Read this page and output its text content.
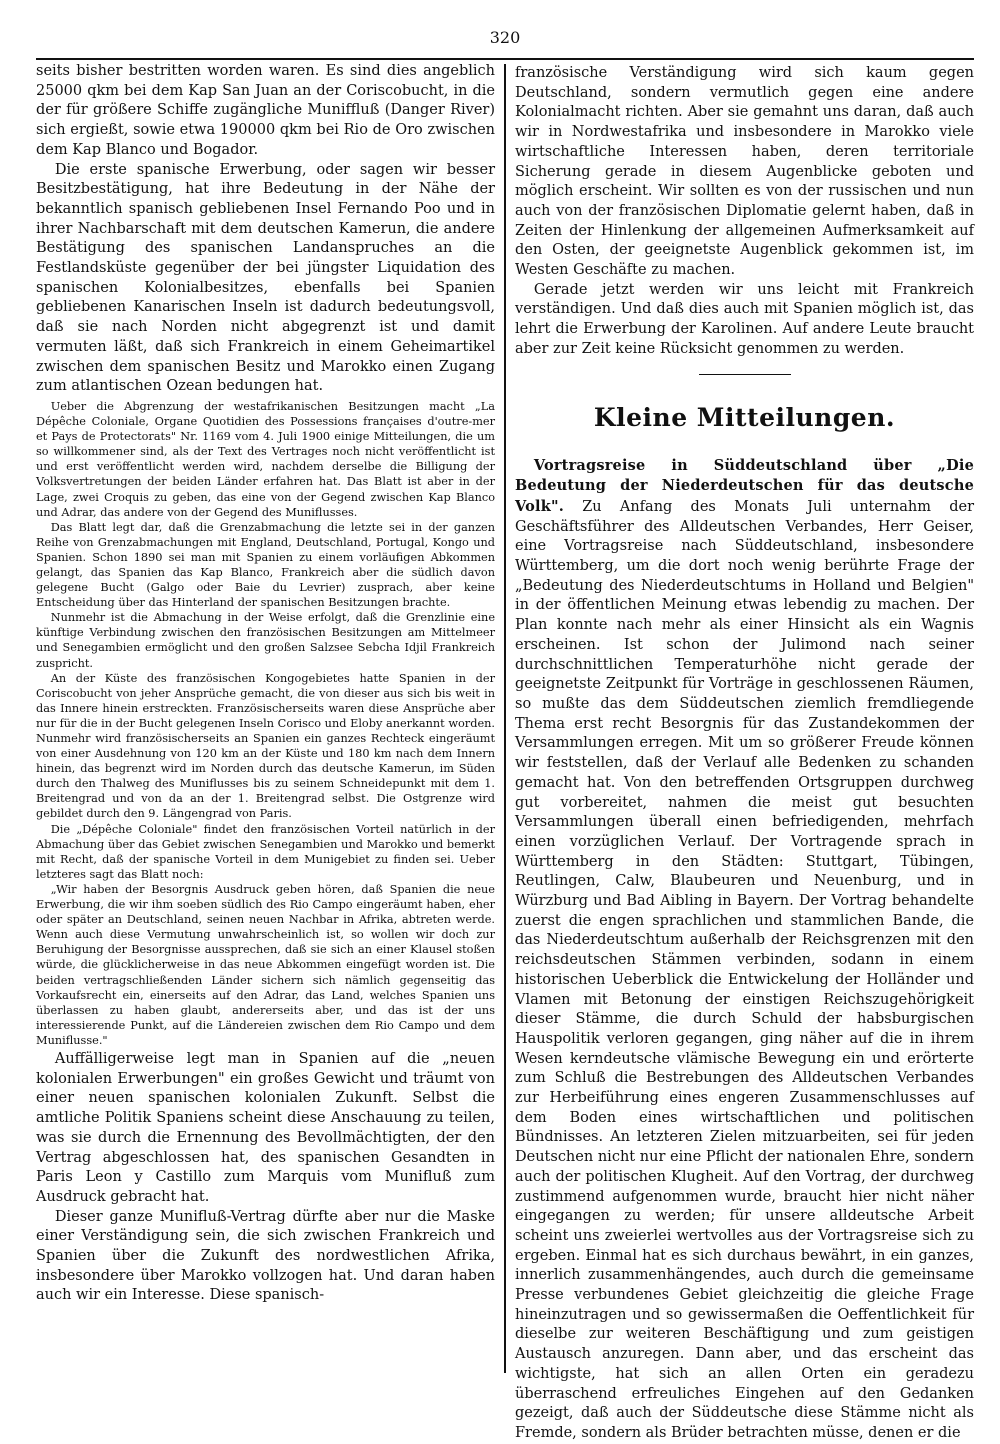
320

seits bisher bestritten worden waren. Es sind dies angeblich 25000 qkm bei dem Kap San Juan an der Coriscobucht, in die der für größere Schiffe zugängliche Muniffluß (Danger River) sich ergießt, sowie etwa 190000 qkm bei Rio de Oro zwischen dem Kap Blanco und Bogador.

Die erste spanische Erwerbung, oder sagen wir besser Besitzbestätigung, hat ihre Bedeutung in der Nähe der bekanntlich spanisch gebliebenen Insel Fernando Poo und in ihrer Nachbarschaft mit dem deutschen Kamerun, die andere Bestätigung des spanischen Landanspruches an die Festlandsküste gegenüber der bei jüngster Liquidation des spanischen Kolonialbesitzes, ebenfalls bei Spanien gebliebenen Kanarischen Inseln ist dadurch bedeutungsvoll, daß sie nach Norden nicht abgegrenzt ist und damit vermuten läßt, daß sich Frankreich in einem Geheimartikel zwischen dem spanischen Besitz und Marokko einen Zugang zum atlantischen Ozean bedungen hat.

Ueber die Abgrenzung der westafrikanischen Besitzungen macht „La Dépêche Coloniale, Organe Quotidien des Possessions françaises d'outre-mer et Pays de Protectorats" Nr. 1169 vom 4. Juli 1900 einige Mitteilungen, die um so willkommener sind, als der Text des Vertrages noch nicht veröffentlicht ist und erst veröffentlicht werden wird, nachdem derselbe die Billigung der Volksvertretungen der beiden Länder erfahren hat. Das Blatt ist aber in der Lage, zwei Croquis zu geben, das eine von der Gegend zwischen Kap Blanco und Adrar, das andere von der Gegend des Muniflusses.

Das Blatt legt dar, daß die Grenzabmachung die letzte sei in der ganzen Reihe von Grenzabmachungen mit England, Deutschland, Portugal, Kongo und Spanien. Schon 1890 sei man mit Spanien zu einem vorläufigen Abkommen gelangt, das Spanien das Kap Blanco, Frankreich aber die südlich davon gelegene Bucht (Galgo oder Baie du Levrier) zusprach, aber keine Entscheidung über das Hinterland der spanischen Besitzungen brachte.

Nunmehr ist die Abmachung in der Weise erfolgt, daß die Grenzlinie eine künftige Verbindung zwischen den französischen Besitzungen am Mittelmeer und Senegambien ermöglicht und den großen Salzsee Sebcha Idjil Frankreich zuspricht.

An der Küste des französischen Kongogebietes hatte Spanien in der Coriscobucht von jeher Ansprüche gemacht, die von dieser aus sich bis weit in das Innere hinein erstreckten. Französischerseits waren diese Ansprüche aber nur für die in der Bucht gelegenen Inseln Corisco und Eloby anerkannt worden. Nunmehr wird französischerseits an Spanien ein ganzes Rechteck eingeräumt von einer Ausdehnung von 120 km an der Küste und 180 km nach dem Innern hinein, das begrenzt wird im Norden durch das deutsche Kamerun, im Süden durch den Thalweg des Muniflusses bis zu seinem Schneidepunkt mit dem 1. Breitengrad und von da an der 1. Breitengrad selbst. Die Ostgrenze wird gebildet durch den 9. Längengrad von Paris.

Die „Dépêche Coloniale" findet den französischen Vorteil natürlich in der Abmachung über das Gebiet zwischen Senegambien und Marokko und bemerkt mit Recht, daß der spanische Vorteil in dem Munigebiet zu finden sei. Ueber letzteres sagt das Blatt noch:

„Wir haben der Besorgnis Ausdruck geben hören, daß Spanien die neue Erwerbung, die wir ihm soeben südlich des Rio Campo eingeräumt haben, eher oder später an Deutschland, seinen neuen Nachbar in Afrika, abtreten werde. Wenn auch diese Vermutung unwahrscheinlich ist, so wollen wir doch zur Beruhigung der Besorgnisse aussprechen, daß sie sich an einer Klausel stoßen würde, die glücklicherweise in das neue Abkommen eingefügt worden ist. Die beiden vertragschließenden Länder sichern sich nämlich gegenseitig das Vorkaufsrecht ein, einerseits auf den Adrar, das Land, welches Spanien uns überlassen zu haben glaubt, andererseits aber, und das ist der uns interessierende Punkt, auf die Ländereien zwischen dem Rio Campo und dem Muniflusse."

Auffälligerweise legt man in Spanien auf die „neuen kolonialen Erwerbungen" ein großes Gewicht und träumt von einer neuen spanischen kolonialen Zukunft. Selbst die amtliche Politik Spaniens scheint diese Anschauung zu teilen, was sie durch die Ernennung des Bevollmächtigten, der den Vertrag abgeschlossen hat, des spanischen Gesandten in Paris Leon y Castillo zum Marquis vom Munifluß zum Ausdruck gebracht hat.

Dieser ganze Munifluß-Vertrag dürfte aber nur die Maske einer Verständigung sein, die sich zwischen Frankreich und Spanien über die Zukunft des nordwestlichen Afrika, insbesondere über Marokko vollzogen hat. Und daran haben auch wir ein Interesse. Diese spanisch-

französische Verständigung wird sich kaum gegen Deutschland, sondern vermutlich gegen eine andere Kolonialmacht richten. Aber sie gemahnt uns daran, daß auch wir in Nordwestafrika und insbesondere in Marokko viele wirtschaftliche Interessen haben, deren territoriale Sicherung gerade in diesem Augenblicke geboten und möglich erscheint. Wir sollten es von der russischen und nun auch von der französischen Diplomatie gelernt haben, daß in Zeiten der Hinlenkung der allgemeinen Aufmerksamkeit auf den Osten, der geeignetste Augenblick gekommen ist, im Westen Geschäfte zu machen.

Gerade jetzt werden wir uns leicht mit Frankreich verständigen. Und daß dies auch mit Spanien möglich ist, das lehrt die Erwerbung der Karolinen. Auf andere Leute braucht aber zur Zeit keine Rücksicht genommen zu werden.

Kleine Mitteilungen.

Vortragsreise in Süddeutschland über „Die Bedeutung der Niederdeutschen für das deutsche Volk". Zu Anfang des Monats Juli unternahm der Geschäftsführer des Alldeutschen Verbandes, Herr Geiser, eine Vortragsreise nach Süddeutschland, insbesondere Württemberg, um die dort noch wenig berührte Frage der „Bedeutung des Niederdeutschtums in Holland und Belgien" in der öffentlichen Meinung etwas lebendig zu machen. Der Plan konnte nach mehr als einer Hinsicht als ein Wagnis erscheinen. Ist schon der Julimond nach seiner durchschnittlichen Temperaturhöhe nicht gerade der geeignetste Zeitpunkt für Vorträge in geschlossenen Räumen, so mußte das dem Süddeutschen ziemlich fremdliegende Thema erst recht Besorgnis für das Zustandekommen der Versammlungen erregen. Mit um so größerer Freude können wir feststellen, daß der Verlauf alle Bedenken zu schanden gemacht hat. Von den betreffenden Ortsgruppen durchweg gut vorbereitet, nahmen die meist gut besuchten Versammlungen überall einen befriedigenden, mehrfach einen vorzüglichen Verlauf. Der Vortragende sprach in Württemberg in den Städten: Stuttgart, Tübingen, Reutlingen, Calw, Blaubeuren und Neuenburg, und in Würzburg und Bad Aibling in Bayern. Der Vortrag behandelte zuerst die engen sprachlichen und stammlichen Bande, die das Niederdeutschtum außerhalb der Reichsgrenzen mit den reichsdeutschen Stämmen verbinden, sodann in einem historischen Ueberblick die Entwickelung der Holländer und Vlamen mit Betonung der einstigen Reichszugehörigkeit dieser Stämme, die durch Schuld der habsburgischen Hauspolitik verloren gegangen, ging näher auf die in ihrem Wesen kerndeutsche vlämische Bewegung ein und erörterte zum Schluß die Bestrebungen des Alldeutschen Verbandes zur Herbeiführung eines engeren Zusammenschlusses auf dem Boden eines wirtschaftlichen und politischen Bündnisses. An letzteren Zielen mitzuarbeiten, sei für jeden Deutschen nicht nur eine Pflicht der nationalen Ehre, sondern auch der politischen Klugheit. Auf den Vortrag, der durchweg zustimmend aufgenommen wurde, braucht hier nicht näher eingegangen zu werden; für unsere alldeutsche Arbeit scheint uns zweierlei wertvolles aus der Vortragsreise sich zu ergeben. Einmal hat es sich durchaus bewährt, in ein ganzes, innerlich zusammenhängendes, auch durch die gemeinsame Presse verbundenes Gebiet gleichzeitig die gleiche Frage hineinzutragen und so gewissermaßen die Oeffentlichkeit für dieselbe zur weiteren Beschäftigung und zum geistigen Austausch anzuregen. Dann aber, und das erscheint das wichtigste, hat sich an allen Orten ein geradezu überraschend erfreuliches Eingehen auf den Gedanken gezeigt, daß auch der Süddeutsche diese Stämme nicht als Fremde, sondern als Brüder betrachten müsse, denen er die
